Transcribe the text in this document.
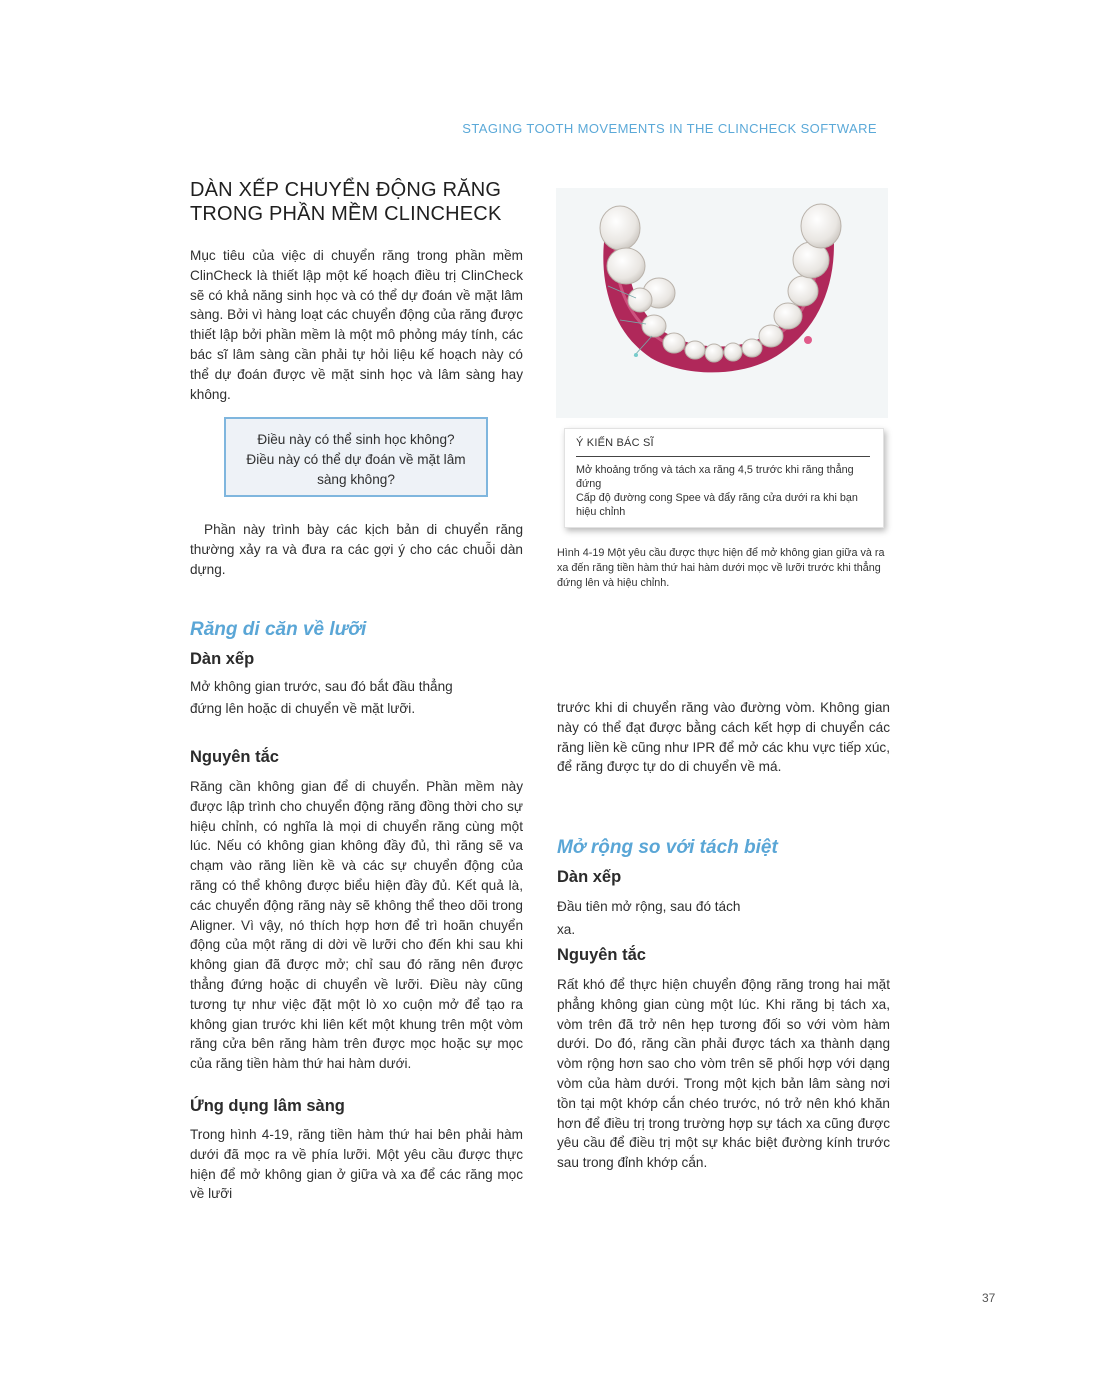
STAGING TOOTH MOVEMENTS IN THE CLINCHECK SOFTWARE
DÀN XẾP CHUYỂN ĐỘNG RĂNG
TRONG PHẦN MỀM CLINCHECK

Mục tiêu của việc di chuyển răng trong phần mềm ClinCheck là thiết lập một kế hoạch điều trị ClinCheck sẽ có khả năng sinh học và có thể dự đoán về mặt lâm sàng. Bởi vì hàng loạt các chuyển động của răng được thiết lập bởi phần mềm là một mô phỏng máy tính, các bác sĩ lâm sàng cần phải tự hỏi liệu kế hoạch này có thể dự đoán được về mặt sinh học và lâm sàng hay không.

Điều này có thể sinh học không?
Điều này có thể dự đoán về mặt lâm
sàng không?

Phần này trình bày các kịch bản di chuyển răng thường xảy ra và đưa ra các gợi ý cho các chuỗi dàn dựng.

Ý KIẾN BÁC SĨ
Mở khoảng trống và tách xa răng 4,5 trước khi răng thẳng đứng
Cấp độ đường cong Spee và đẩy răng cửa dưới ra khi bạn hiệu chỉnh
Hình 4-19 Một yêu cầu được thực hiện để mở không gian giữa và ra xa đến răng tiền hàm thứ hai hàm dưới mọc về lưỡi trước khi thẳng đứng lên và hiệu chỉnh.
Răng di căn về lưỡi
Dàn xếp

Mở không gian trước, sau đó bắt đầu thẳng đứng lên hoặc di chuyển về mặt lưỡi.

Nguyên tắc

Răng cần không gian để di chuyển. Phần mềm này được lập trình cho chuyển động răng đồng thời cho sự hiệu chỉnh, có nghĩa là mọi di chuyển răng cùng một lúc. Nếu có không gian không đầy đủ, thì răng sẽ va chạm vào răng liền kề và các sự chuyển động của răng có thể không được biểu hiện đầy đủ. Kết quả là, các chuyển động răng này sẽ không thể theo dõi trong Aligner. Vì vậy, nó thích hợp hơn để trì hoãn chuyển động của một răng di dời về lưỡi cho đến khi sau khi không gian đã được mở; chỉ sau đó răng nên được thẳng đứng hoặc di chuyển về lưỡi. Điều này cũng tương tự như việc đặt một lò xo cuộn mở để tạo ra không gian trước khi liên kết một khung trên một vòm răng cửa bên răng hàm trên được mọc hoặc sự mọc của răng tiền hàm thứ hai hàm dưới.

Ứng dụng lâm sàng

Trong hình 4-19, răng tiền hàm thứ hai bên phải hàm dưới đã mọc ra về phía lưỡi. Một yêu cầu được thực hiện để mở không gian ở giữa và xa để các răng mọc về lưỡi

trước khi di chuyển răng vào đường vòm. Không gian này có thể đạt được bằng cách kết hợp di chuyển các răng liền kề cũng như IPR để mở các khu vực tiếp xúc, để răng được tự do di chuyển về má.

Mở rộng so với tách biệt
Dàn xếp

Đầu tiên mở rộng, sau đó tách xa.

Nguyên tắc

Rất khó để thực hiện chuyển động răng trong hai mặt phẳng không gian cùng một lúc. Khi răng bị tách xa, vòm trên đã trở nên hẹp tương đối so với vòm hàm dưới. Do đó, răng cần phải được tách xa thành dạng vòm rộng hơn sao cho vòm trên sẽ phối hợp với dạng vòm của hàm dưới. Trong một kịch bản lâm sàng nơi tồn tại một khớp cắn chéo trước, nó trở nên khó khăn hơn để điều trị trong trường hợp sự tách xa cũng được yêu cầu để điều trị một sự khác biệt đường kính trước sau trong đỉnh khớp cắn.

37
